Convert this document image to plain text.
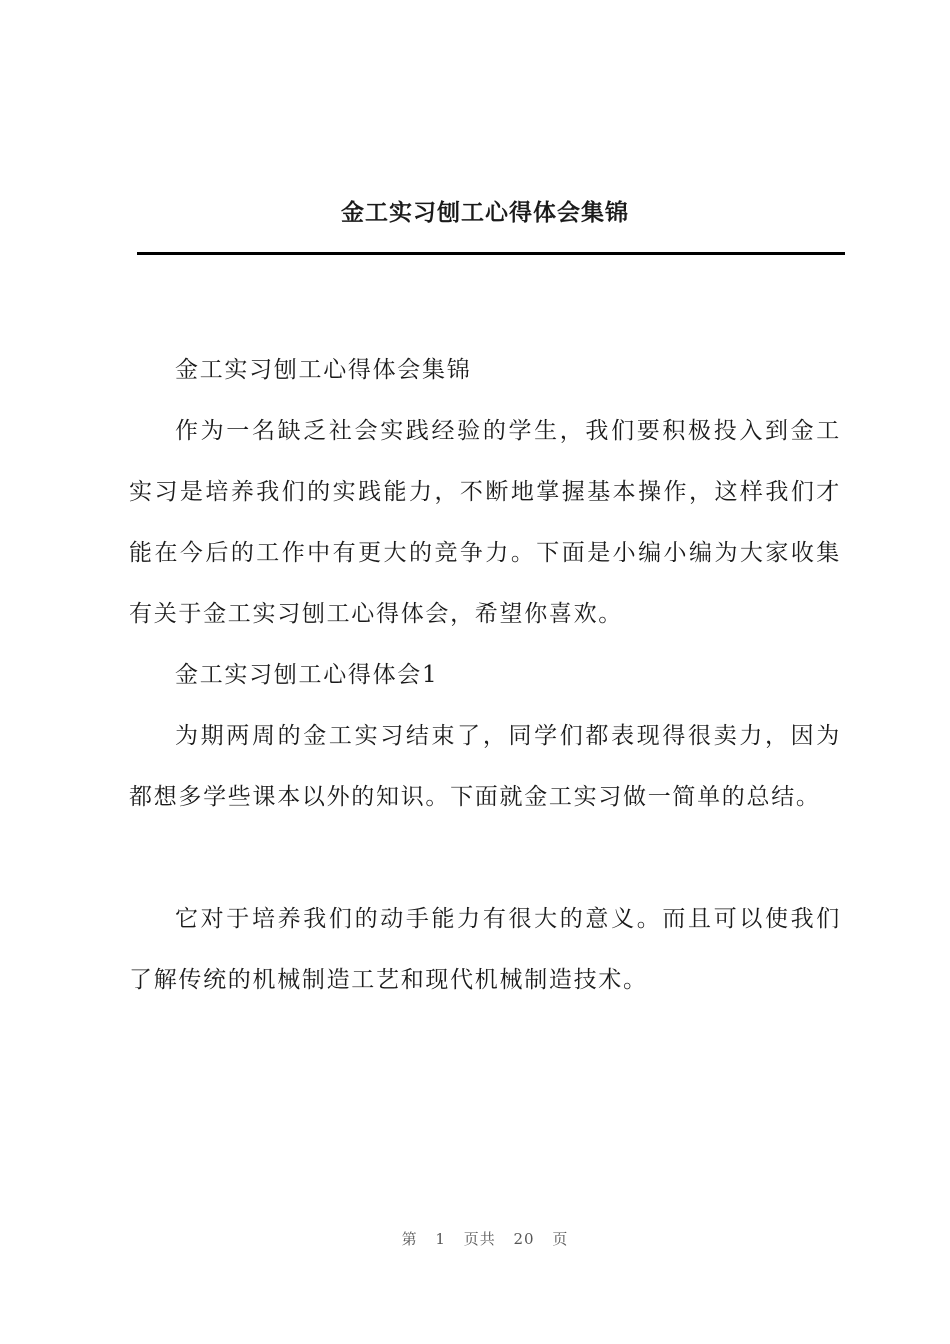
金工实习刨工心得体会集锦

金工实习刨工心得体会集锦

作为一名缺乏社会实践经验的学生，我们要积极投入到金工实习是培养我们的实践能力，不断地掌握基本操作，这样我们才能在今后的工作中有更大的竞争力。下面是小编小编为大家收集有关于金工实习刨工心得体会，希望你喜欢。

金工实习刨工心得体会1

为期两周的金工实习结束了，同学们都表现得很卖力，因为都想多学些课本以外的知识。下面就金工实习做一简单的总结。

它对于培养我们的动手能力有很大的意义。而且可以使我们了解传统的机械制造工艺和现代机械制造技术。

第 1 页共 20 页
